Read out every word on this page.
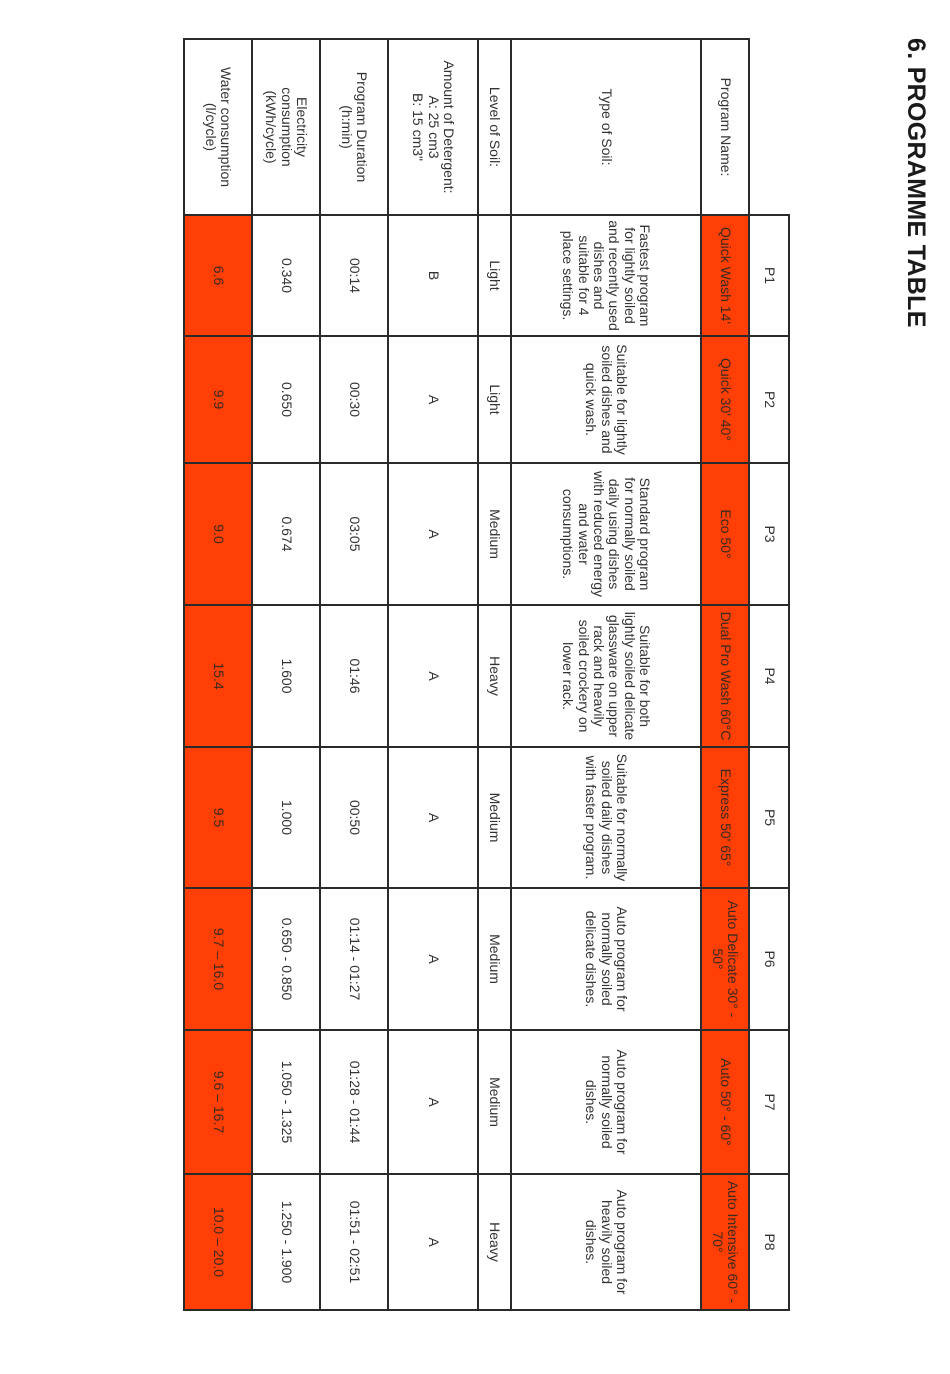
6. PROGRAMME TABLE
	P1	P2	P3	P4	P5	P6	P7	P8
Program Name:	Quick Wash 14'	Quick 30' 40°	Eco 50°	Dual Pro Wash 60°C	Express 50' 65°	Auto Delicate 30° - 50°	Auto 50° - 60°	Auto Intensive 60° - 70°
Type of Soil:	Fastest program for lightly soiled and recently used dishes and suitable for 4 place settings.	Suitable for lightly soiled dishes and quick wash.	Standard program for normally soiled daily using dishes with reduced energy and water consumptions.	Suitable for both lightly soiled delicate glassware on upper rack and heavily soiled crockery on lower rack.	Suitable for normally soiled daily dishes with faster program.	Auto program for normally soiled delicate dishes.	Auto program for normally soiled dishes.	Auto program for heavily soiled dishes.
Level of Soil:	Light	Light	Medium	Heavy	Medium	Medium	Medium	Heavy

Amount of Detergent:
A: 25 cm3
B: 15 cm3"	B	A	A	A	A	A	A	A

Program Duration
(h:min)	00:14	00:30	03:05	01:46	00:50	01:14 - 01:27	01:28 - 01:44	01:51 - 02:51

Electricity
consumption
(kWh/cycle)	0.340	0.650	0.674	1.600	1.000	0.650 - 0.850	1.050 - 1.325	1.250 - 1.900

Water consumption
(l/cycle)	6.6	9.9	9.0	15.4	9.5	9.7 – 16.0	9.6 – 16.7	10.0 – 20.0
